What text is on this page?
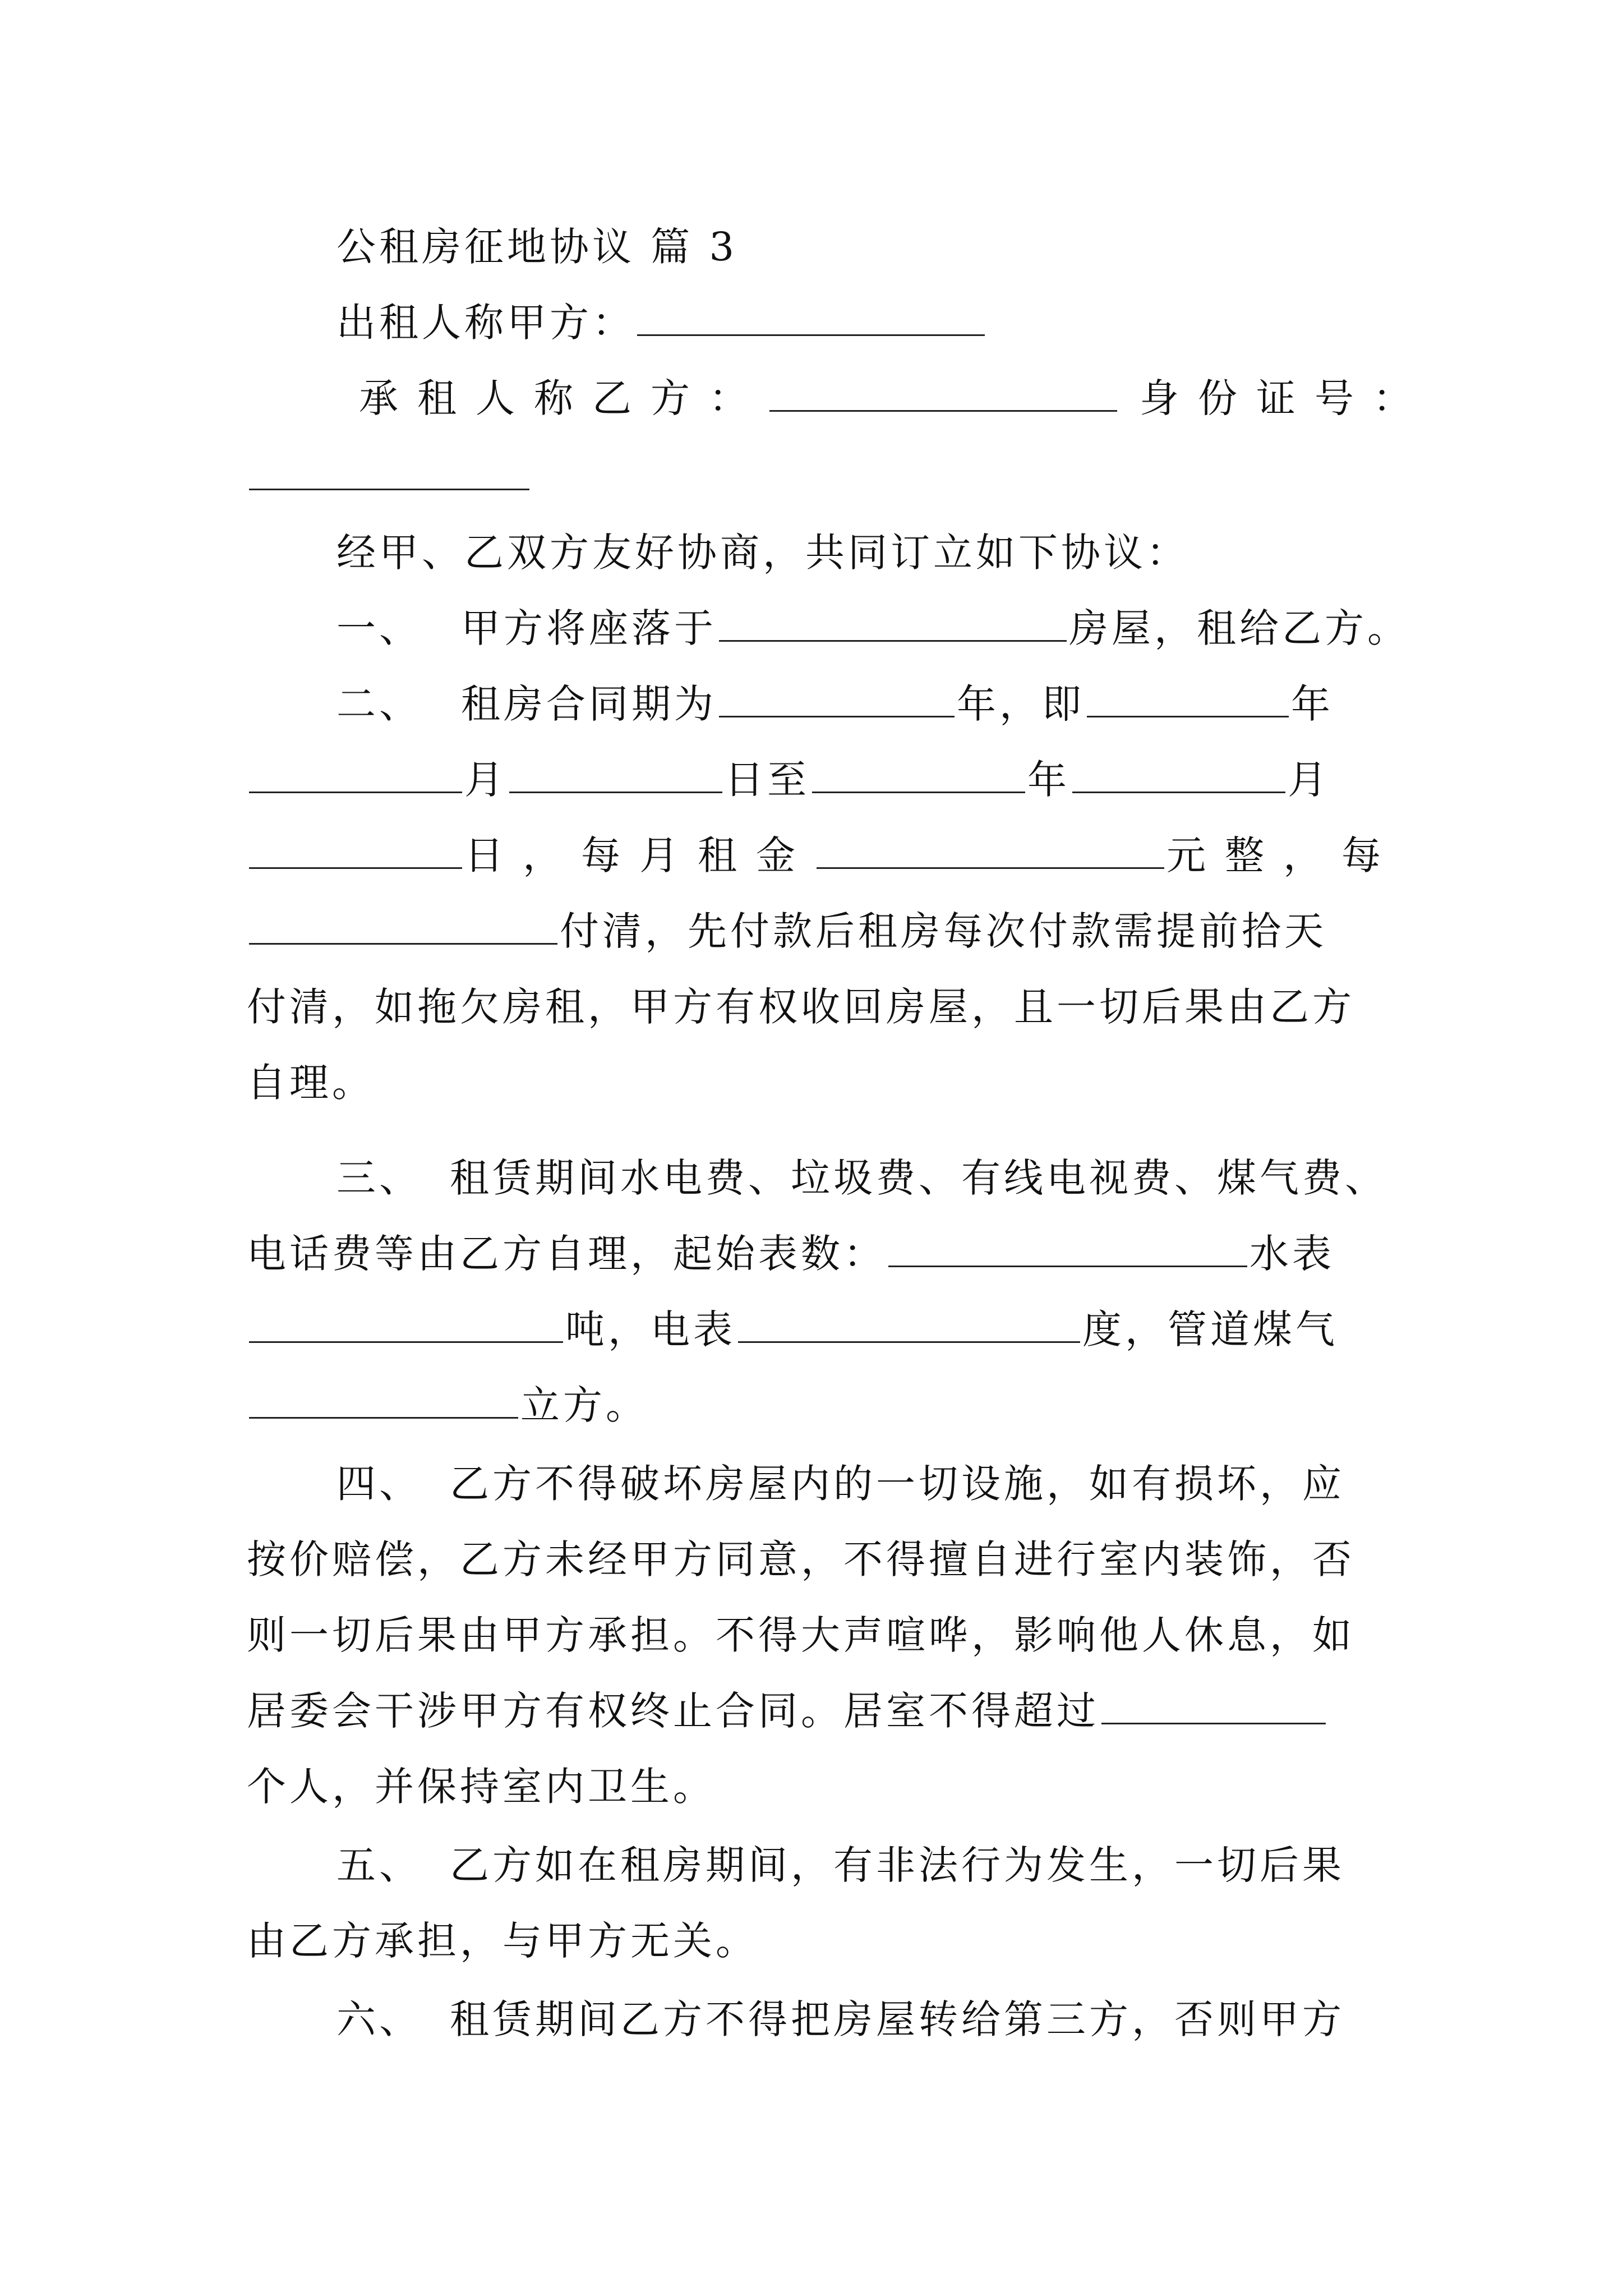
公租房征地协议 篇 3
出租人称甲方：
承租人称乙方：	身份证号：
经甲、乙双方友好协商，共同订立如下协议：
一、 甲方将座落于	房屋，租给乙方。
二、 租房合同期为	年，即	年
月	日至	年	月
日，每月租金	元整，每
付清，先付款后租房每次付款需提前拾天
付清，如拖欠房租，甲方有权收回房屋，且一切后果由乙方
自理。
三、 租赁期间水电费、垃圾费、有线电视费、煤气费、
电话费等由乙方自理，起始表数：	水表
吨，电表	度，管道煤气
立方。
四、 乙方不得破坏房屋内的一切设施，如有损坏，应
按价赔偿，乙方未经甲方同意，不得擅自进行室内装饰，否
则一切后果由甲方承担。不得大声喧哗，影响他人休息，如
居委会干涉甲方有权终止合同。居室不得超过
个人，并保持室内卫生。
五、 乙方如在租房期间，有非法行为发生，一切后果
由乙方承担，与甲方无关。
六、 租赁期间乙方不得把房屋转给第三方，否则甲方
